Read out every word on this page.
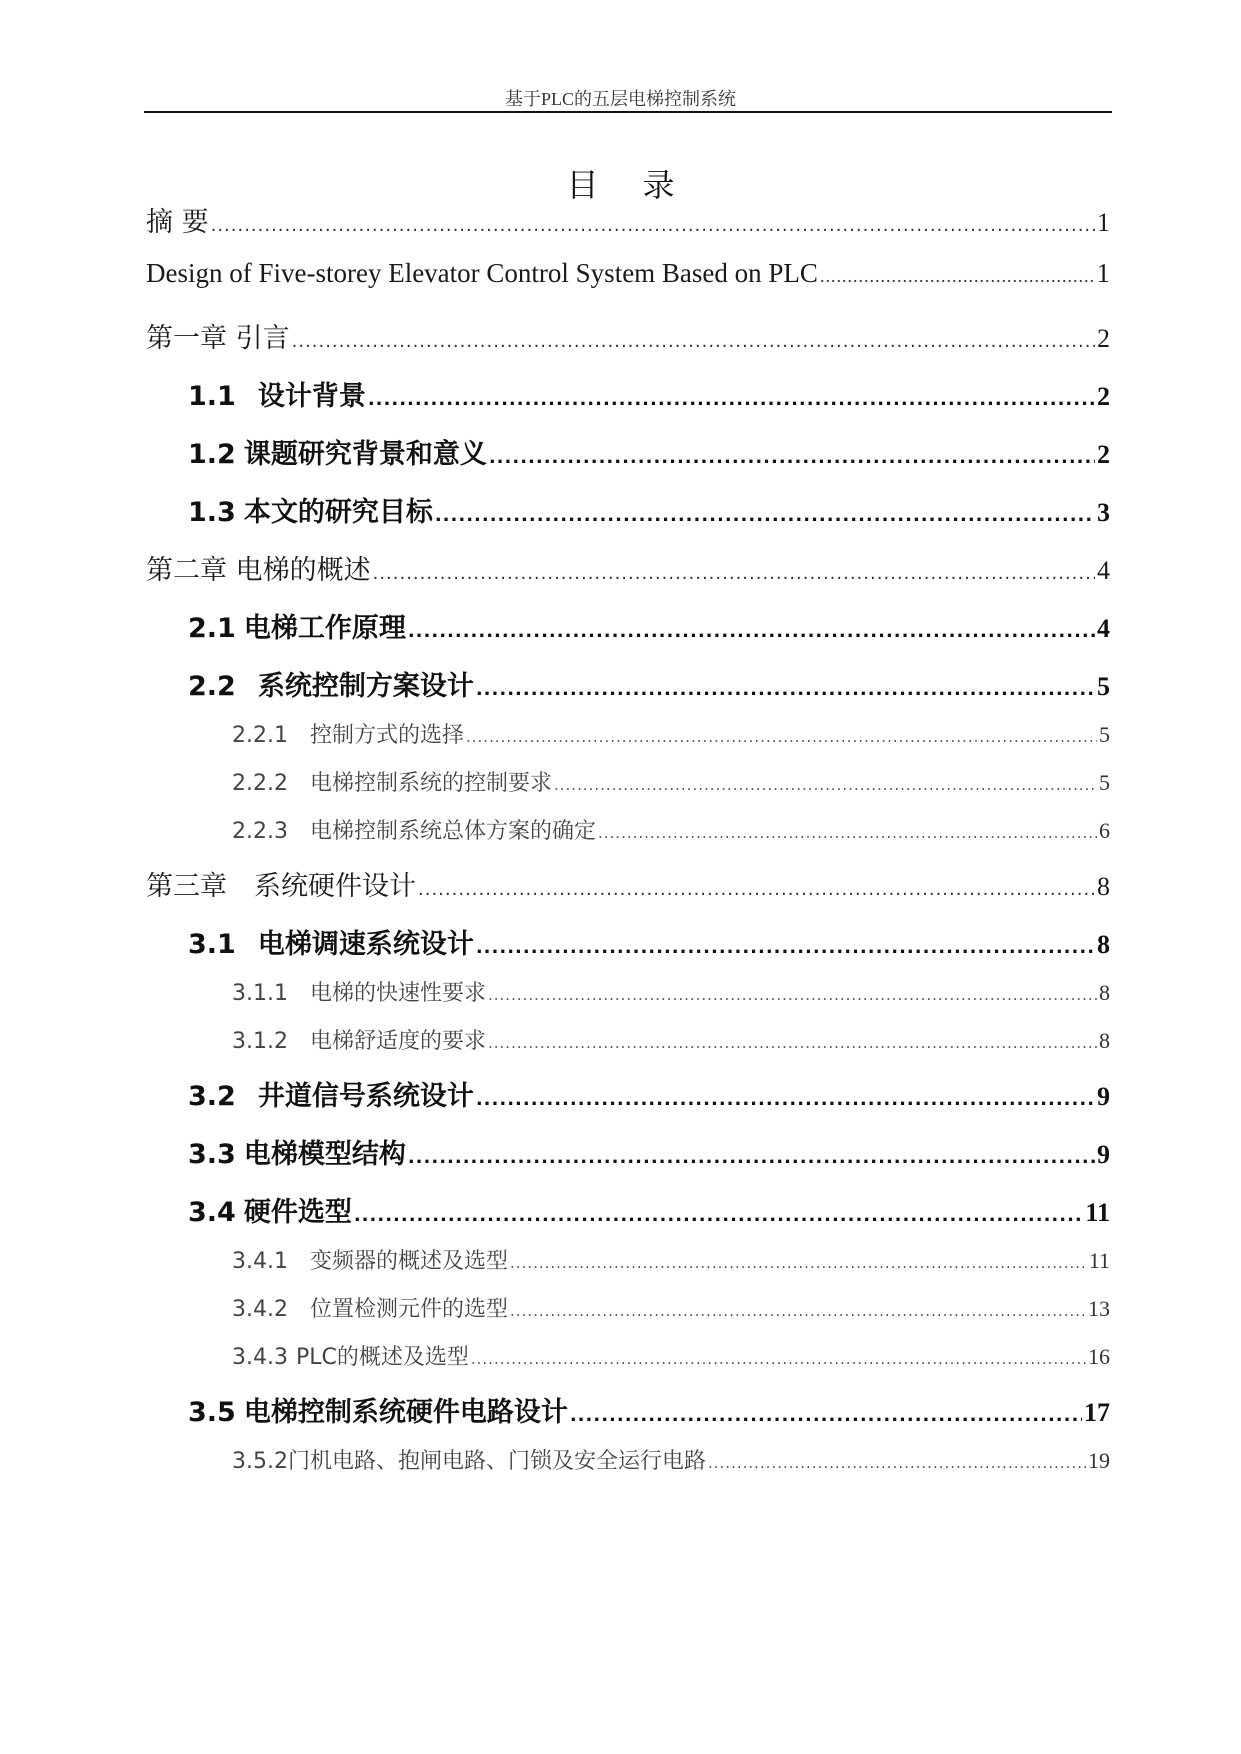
基于PLC的五层电梯控制系统
目录
摘 要 .....	1
Design of Five-storey Elevator Control System Based on PLC .....	1
第一章 引言 .....	2
1.1 设计背景 .....	2
1.2 课题研究背景和意义 .....	2
1.3 本文的研究目标 .....	3
第二章 电梯的概述 .....	4
2.1 电梯工作原理 .....	4
2.2 系统控制方案设计 .....	5
2.2.1 控制方式的选择 .....	5
2.2.2 电梯控制系统的控制要求 .....	5
2.2.3 电梯控制系统总体方案的确定 .....	6
第三章　系统硬件设计 .....	8
3.1 电梯调速系统设计 .....	8
3.1.1 电梯的快速性要求 .....	8
3.1.2 电梯舒适度的要求 .....	8
3.2 井道信号系统设计 .....	9
3.3 电梯模型结构 .....	9
3.4 硬件选型 .....	11
3.4.1 变频器的概述及选型 .....	11
3.4.2 位置检测元件的选型 .....	13
3.4.3 PLC的概述及选型 .....	16
3.5 电梯控制系统硬件电路设计 .....	17
3.5.2门机电路、抱闸电路、门锁及安全运行电路 .....	19
